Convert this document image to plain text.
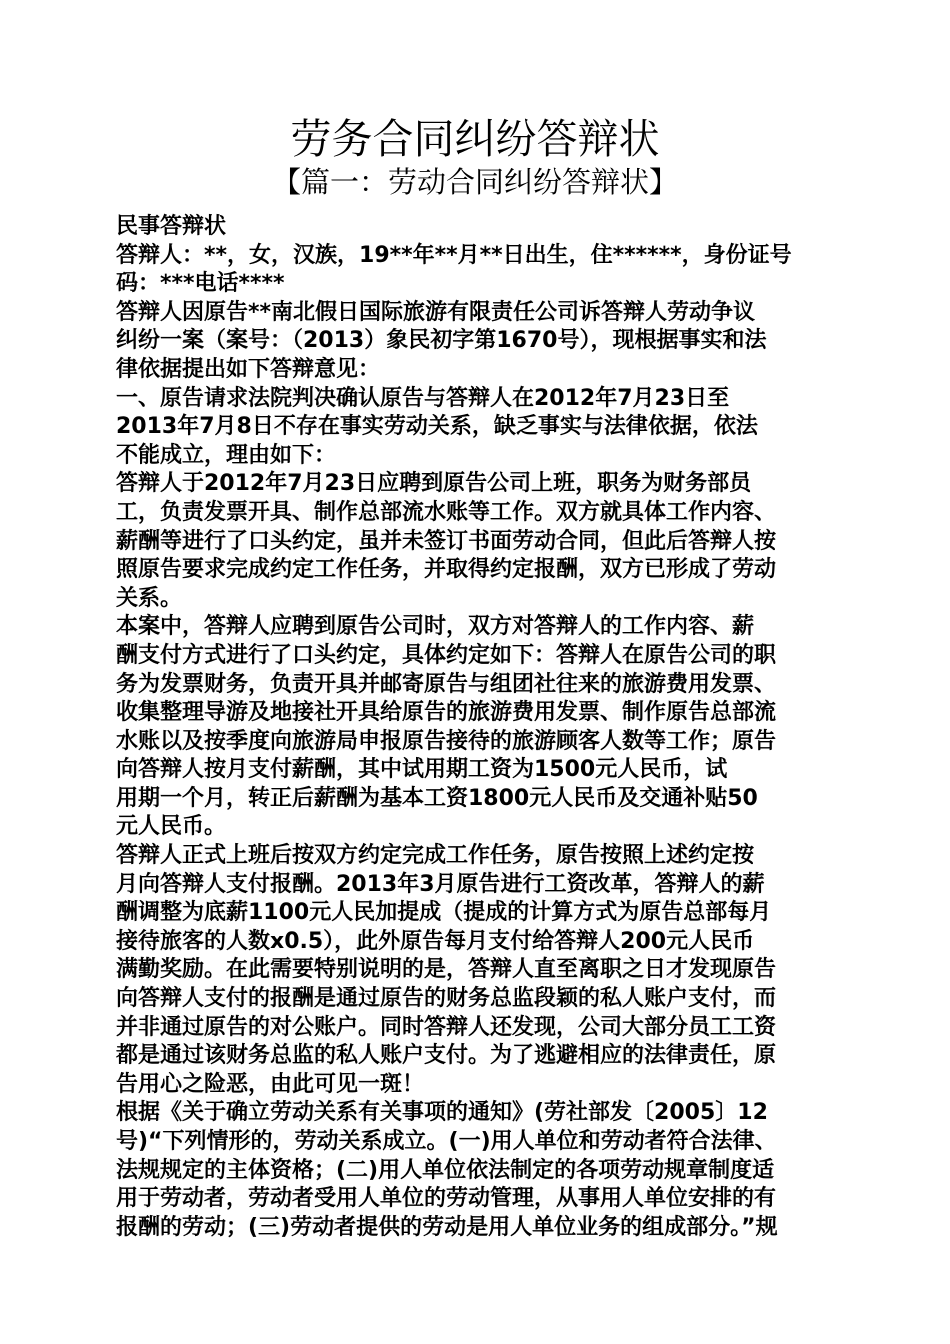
劳务合同纠纷答辩状
【篇一：劳动合同纠纷答辩状】
民事答辩状
答辩人：**，女，汉族，19**年**月**日出生，住******，身份证号
码：***电话****
答辩人因原告**南北假日国际旅游有限责任公司诉答辩人劳动争议
纠纷一案（案号：（2013）象民初字第1670号），现根据事实和法
律依据提出如下答辩意见：
一、原告请求法院判决确认原告与答辩人在2012年7月23日至
2013年7月8日不存在事实劳动关系，缺乏事实与法律依据，依法
不能成立，理由如下：
答辩人于2012年7月23日应聘到原告公司上班，职务为财务部员
工，负责发票开具、制作总部流水账等工作。双方就具体工作内容、
薪酬等进行了口头约定，虽并未签订书面劳动合同，但此后答辩人按
照原告要求完成约定工作任务，并取得约定报酬，双方已形成了劳动
关系。
本案中，答辩人应聘到原告公司时，双方对答辩人的工作内容、薪
酬支付方式进行了口头约定，具体约定如下：答辩人在原告公司的职
务为发票财务，负责开具并邮寄原告与组团社往来的旅游费用发票、
收集整理导游及地接社开具给原告的旅游费用发票、制作原告总部流
水账以及按季度向旅游局申报原告接待的旅游顾客人数等工作；原告
向答辩人按月支付薪酬，其中试用期工资为1500元人民币，试
用期一个月，转正后薪酬为基本工资1800元人民币及交通补贴50
元人民币。
答辩人正式上班后按双方约定完成工作任务，原告按照上述约定按
月向答辩人支付报酬。2013年3月原告进行工资改革，答辩人的薪
酬调整为底薪1100元人民加提成（提成的计算方式为原告总部每月
接待旅客的人数x0.5），此外原告每月支付给答辩人200元人民币
满勤奖励。在此需要特别说明的是，答辩人直至离职之日才发现原告
向答辩人支付的报酬是通过原告的财务总监段颖的私人账户支付，而
并非通过原告的对公账户。同时答辩人还发现，公司大部分员工工资
都是通过该财务总监的私人账户支付。为了逃避相应的法律责任，原
告用心之险恶，由此可见一斑！
根据《关于确立劳动关系有关事项的通知》(劳社部发〔2005〕12
号)“下列情形的，劳动关系成立。(一)用人单位和劳动者符合法律、
法规规定的主体资格；(二)用人单位依法制定的各项劳动规章制度适
用于劳动者，劳动者受用人单位的劳动管理，从事用人单位安排的有
报酬的劳动；(三)劳动者提供的劳动是用人单位业务的组成部分。”规
